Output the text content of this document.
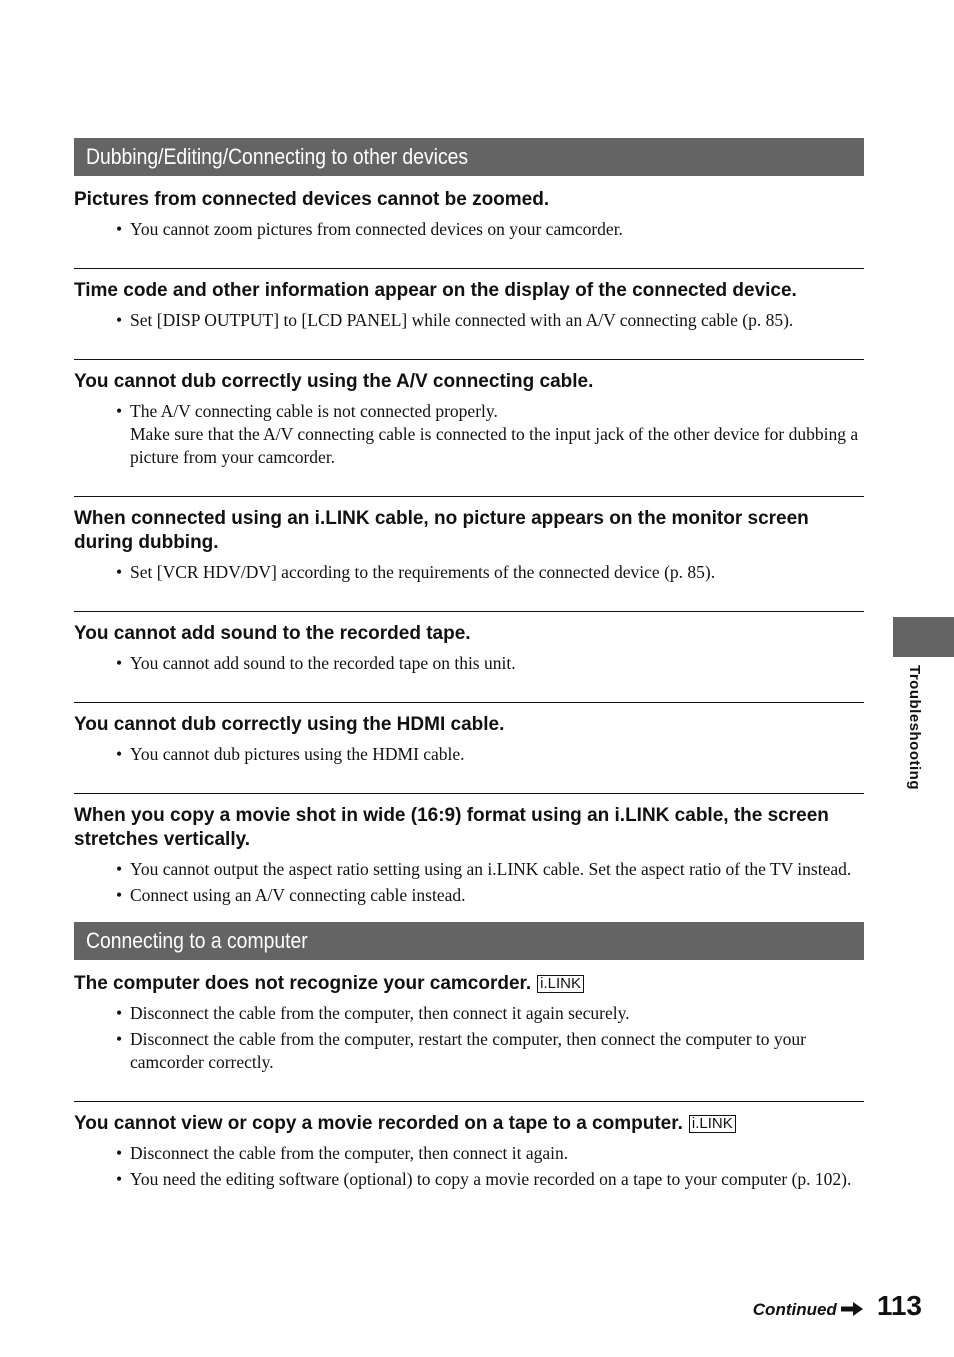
Dubbing/Editing/Connecting to other devices

Pictures from connected devices cannot be zoomed.

• You cannot zoom pictures from connected devices on your camcorder.

Time code and other information appear on the display of the connected device.

• Set [DISP OUTPUT] to [LCD PANEL] while connected with an A/V connecting cable (p. 85).

You cannot dub correctly using the A/V connecting cable.

• The A/V connecting cable is not connected properly.
Make sure that the A/V connecting cable is connected to the input jack of the other device for dubbing a picture from your camcorder.

When connected using an i.LINK cable, no picture appears on the monitor screen during dubbing.

• Set [VCR HDV/DV] according to the requirements of the connected device (p. 85).

You cannot add sound to the recorded tape.

• You cannot add sound to the recorded tape on this unit.

You cannot dub correctly using the HDMI cable.

• You cannot dub pictures using the HDMI cable.

When you copy a movie shot in wide (16:9) format using an i.LINK cable, the screen stretches vertically.

• You cannot output the aspect ratio setting using an i.LINK cable. Set the aspect ratio of the TV instead.
• Connect using an A/V connecting cable instead.
Connecting to a computer

The computer does not recognize your camcorder. i.LINK

• Disconnect the cable from the computer, then connect it again securely.
• Disconnect the cable from the computer, restart the computer, then connect the computer to your camcorder correctly.

You cannot view or copy a movie recorded on a tape to a computer. i.LINK

• Disconnect the cable from the computer, then connect it again.
• You need the editing software (optional) to copy a movie recorded on a tape to your computer (p. 102).
Troubleshooting
Continued 113
